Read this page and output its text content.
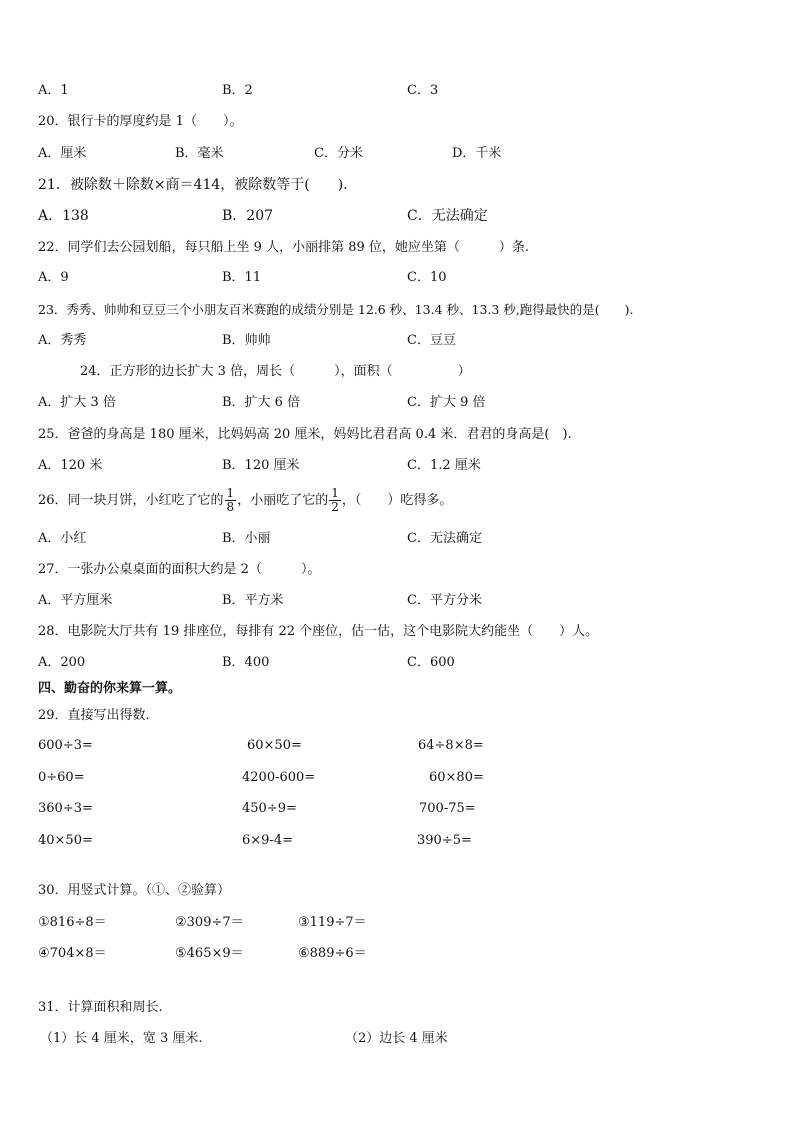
A．1	B．2	C．3
20．银行卡的厚度约是 1（　　）。
A．厘米	B．毫米	C．分米	D．千米
21．被除数＋除数×商＝414，被除数等于(　　)．
A．138	B．207	C．无法确定
22．同学们去公园划船，每只船上坐 9 人，小丽排第 89 位，她应坐第（　　　）条.
A．9	B．11	C．10
23．秀秀、帅帅和豆豆三个小朋友百米赛跑的成绩分别是 12.6 秒、13.4 秒、13.3 秒,跑得最快的是(　　).
A．秀秀	B．帅帅	C．豆豆
24．正方形的边长扩大 3 倍，周长（　　　），面积（　　　　　）
A．扩大 3 倍	B．扩大 6 倍	C．扩大 9 倍
25．爸爸的身高是 180 厘米，比妈妈高 20 厘米，妈妈比君君高 0.4 米．君君的身高是(　).
A．120 米	B．120 厘米	C．1.2 厘米
26．同一块月饼，小红吃了它的 $\frac{1}{8}$ ，小丽吃了它的 $\frac{1}{2}$ ，（　　）吃得多。
A．小红	B．小丽	C．无法确定
27．一张办公桌桌面的面积大约是 2（　　　）。
A．平方厘米	B．平方米	C．平方分米
28．电影院大厅共有 19 排座位，每排有 22 个座位，估一估，这个电影院大约能坐（　　）人。
A．200	B．400	C．600
四、勤奋的你来算一算。
29．直接写出得数.
600÷3=	60×50=	64÷8×8=
0÷60=	4200-600=	60×80=
360÷3=	450÷9=	700-75=
40×50=	6×9-4=	390÷5=
30．用竖式计算。（①、②验算）
①816÷8＝	②309÷7＝	③119÷7＝
④704×8＝	⑤465×9＝	⑥889÷6＝
31．计算面积和周长.
（1）长 4 厘米，宽 3 厘米.	（2）边长 4 厘米
